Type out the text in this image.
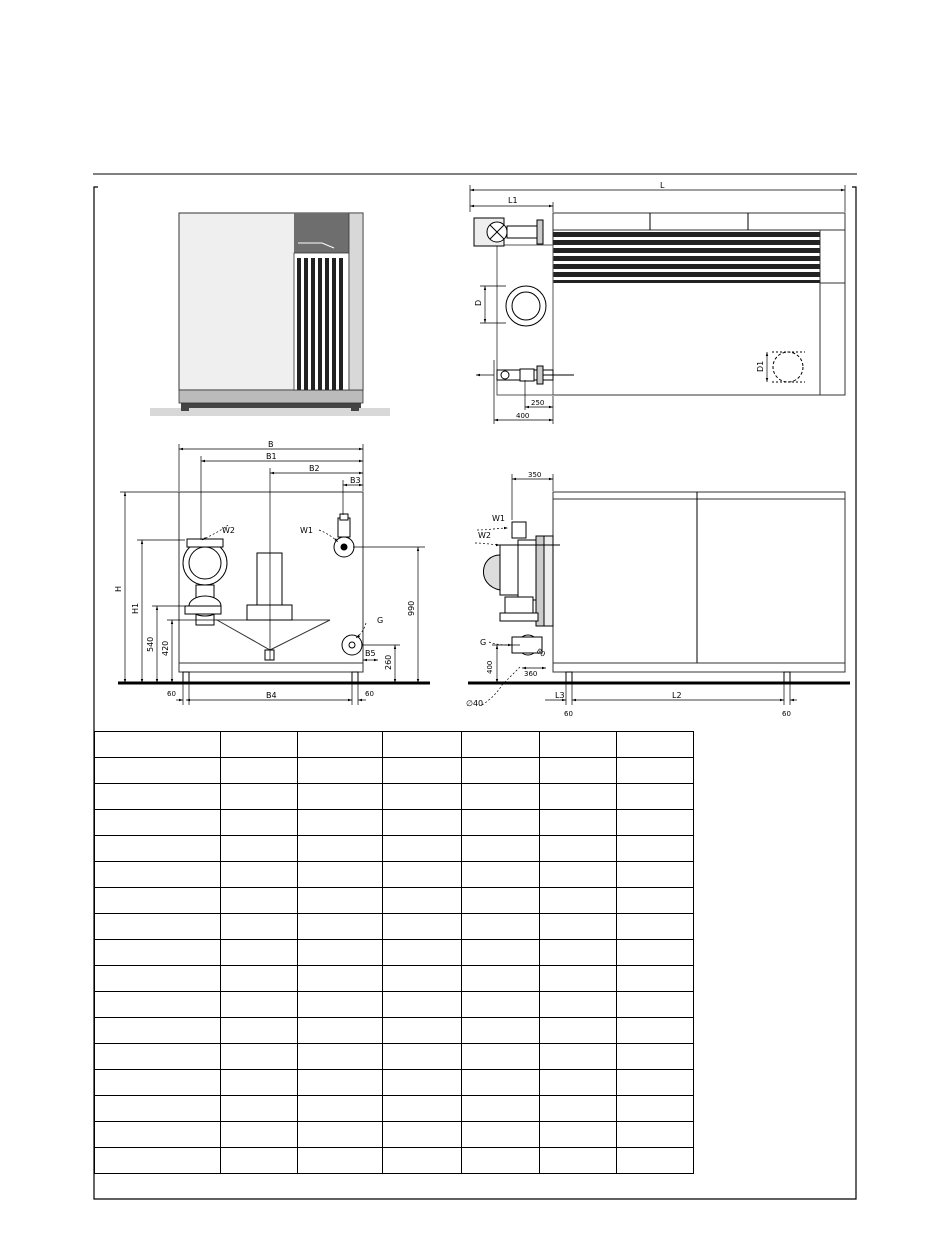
L
L1
D
D1
250
400
B
B1
B2
B3
B4
B5
H
H1
540 420
990
260
W2	W1
G
60	60
350
400	360
80
∅40
W1
W2
G
L3	L2
60	60
